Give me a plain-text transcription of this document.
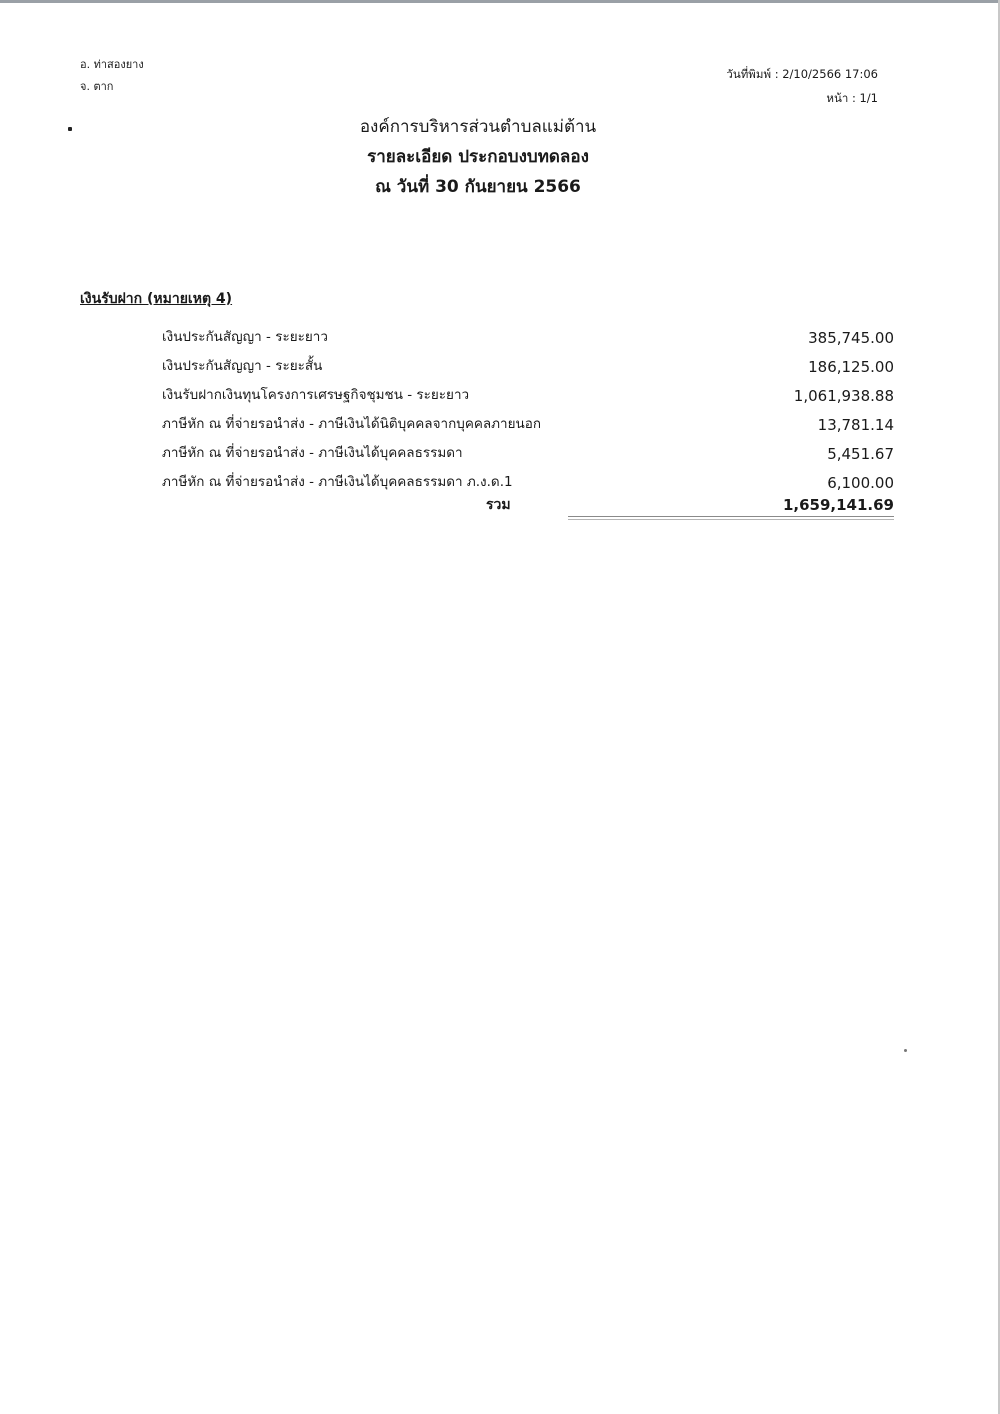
อ. ท่าสองยาง
จ. ตาก
วันที่พิมพ์ : 2/10/2566 17:06
หน้า : 1/1
องค์การบริหารส่วนตำบลแม่ต้าน
รายละเอียด ประกอบงบทดลอง
ณ วันที่ 30 กันยายน 2566
เงินรับฝาก (หมายเหตุ 4)
เงินประกันสัญญา - ระยะยาว	385,745.00
เงินประกันสัญญา - ระยะสั้น	186,125.00
เงินรับฝากเงินทุนโครงการเศรษฐกิจชุมชน - ระยะยาว	1,061,938.88
ภาษีหัก ณ ที่จ่ายรอนำส่ง - ภาษีเงินได้นิติบุคคลจากบุคคลภายนอก	13,781.14
ภาษีหัก ณ ที่จ่ายรอนำส่ง - ภาษีเงินได้บุคคลธรรมดา	5,451.67
ภาษีหัก ณ ที่จ่ายรอนำส่ง - ภาษีเงินได้บุคคลธรรมดา ภ.ง.ด.1	6,100.00
รวม	1,659,141.69
